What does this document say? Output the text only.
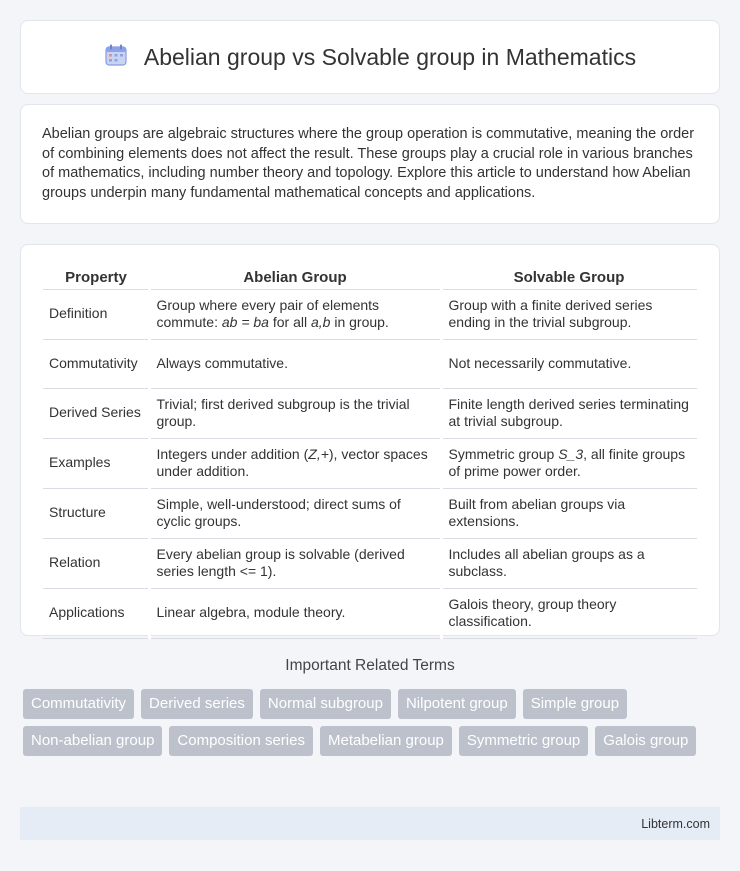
Abelian group vs Solvable group in Mathematics

Abelian groups are algebraic structures where the group operation is commutative, meaning the order of combining elements does not affect the result. These groups play a crucial role in various branches of mathematics, including number theory and topology. Explore this article to understand how Abelian groups underpin many fundamental mathematical concepts and applications.

Property	Abelian Group	Solvable Group
Definition	Group where every pair of elements commute: ab = ba for all a,b in group.	Group with a finite derived series ending in the trivial subgroup.
Commutativity	Always commutative.	Not necessarily commutative.
Derived Series	Trivial; first derived subgroup is the trivial group.	Finite length derived series terminating at trivial subgroup.
Examples	Integers under addition (Z,+), vector spaces under addition.	Symmetric group S_3, all finite groups of prime power order.
Structure	Simple, well-understood; direct sums of cyclic groups.	Built from abelian groups via extensions.
Relation	Every abelian group is solvable (derived series length <= 1).	Includes all abelian groups as a subclass.
Applications	Linear algebra, module theory.	Galois theory, group theory classification.
Important Related Terms
Commutativity	Derived series	Normal subgroup	Nilpotent group	Simple group
Non-abelian group	Composition series	Metabelian group	Symmetric group	Galois group
Libterm.com
